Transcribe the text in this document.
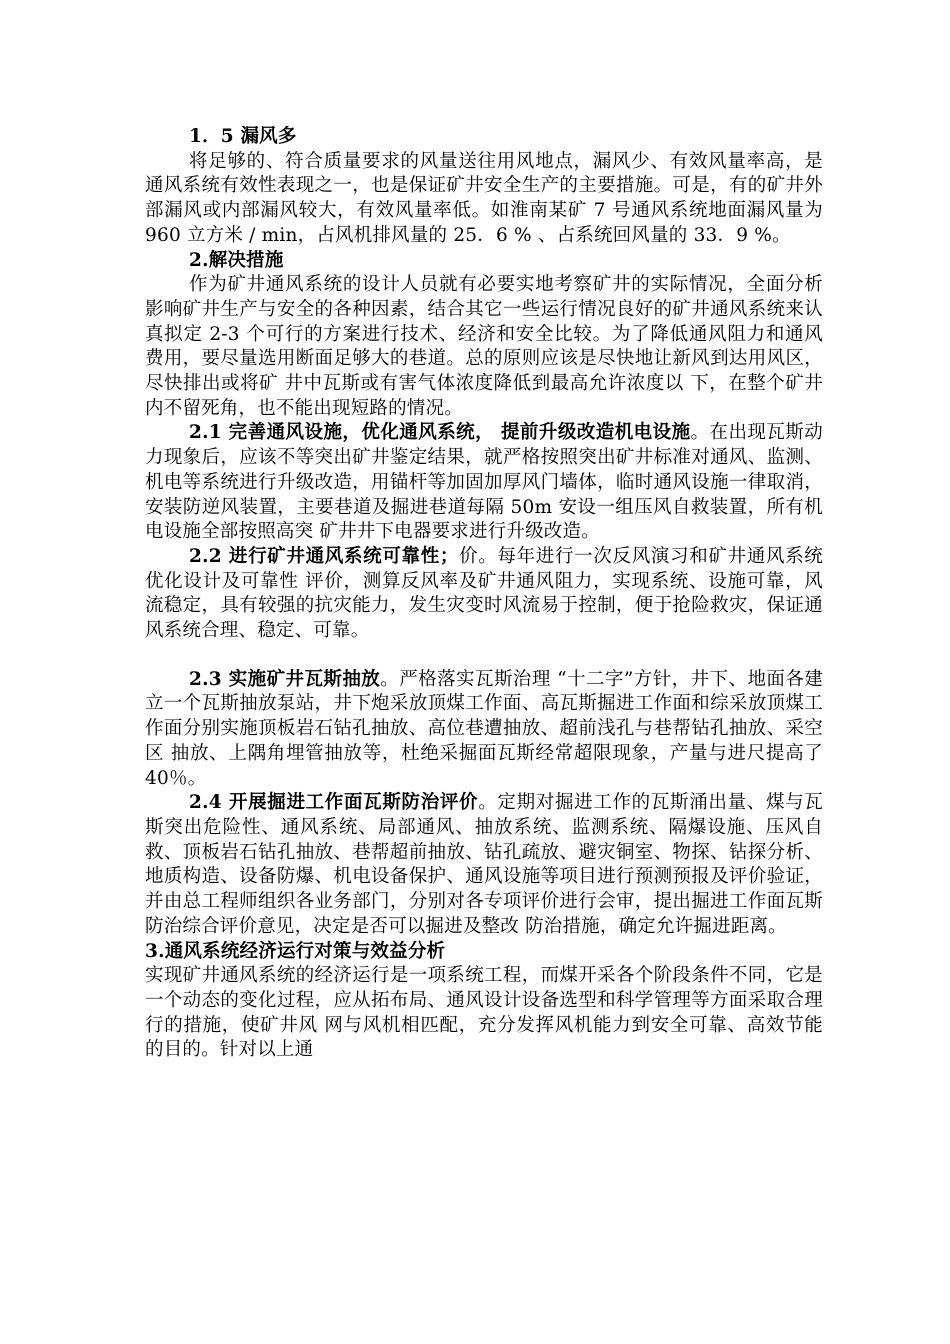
1．5 漏风多

将足够的、符合质量要求的风量送往用风地点，漏风少、有效风量率高，是通风系统有效性表现之一，也是保证矿井安全生产的主要措施。可是，有的矿井外部漏风或内部漏风较大，有效风量率低。如淮南某矿 7 号通风系统地面漏风量为 960 立方米 / min，占风机排风量的 25．6 % 、占系统回风量的 33．9 %。

2.解决措施

作为矿井通风系统的设计人员就有必要实地考察矿井的实际情况，全面分析影响矿井生产与安全的各种因素，结合其它一些运行情况良好的矿井通风系统来认真拟定 2-3 个可行的方案进行技术、经济和安全比较。为了降低通风阻力和通风费用，要尽量选用断面足够大的巷道。总的原则应该是尽快地让新风到达用风区，尽快排出或将矿 井中瓦斯或有害气体浓度降低到最高允许浓度以 下，在整个矿井内不留死角，也不能出现短路的情况。

2.1 完善通风设施，优化通风系统， 提前升级改造机电设施。在出现瓦斯动力现象后，应该不等突出矿井鉴定结果，就严格按照突出矿井标准对通风、监测、机电等系统进行升级改造，用锚杆等加固加厚风门墙体，临时通风设施一律取消，安装防逆风装置，主要巷道及掘进巷道每隔 50m 安设一组压风自救装置，所有机电设施全部按照高突 矿井井下电器要求进行升级改造。

2.2 进行矿井通风系统可靠性；价。每年进行一次反风演习和矿井通风系统优化设计及可靠性 评价，测算反风率及矿井通风阻力，实现系统、设施可靠，风流稳定，具有较强的抗灾能力，发生灾变时风流易于控制，便于抢险救灾，保证通风系统合理、稳定、可靠。

2.3 实施矿井瓦斯抽放。严格落实瓦斯治理 “十二字”方针，井下、地面各建立一个瓦斯抽放泵站，井下炮采放顶煤工作面、高瓦斯掘进工作面和综采放顶煤工作面分别实施顶板岩石钻孔抽放、高位巷遭抽放、超前浅孔与巷帮钻孔抽放、采空区 抽放、上隅角埋管抽放等，杜绝采掘面瓦斯经常超限现象，产量与进尺提高了40％。

2.4 开展掘进工作面瓦斯防治评价。定期对掘进工作的瓦斯涌出量、煤与瓦斯突出危险性、通风系统、局部通风、抽放系统、监测系统、隔爆设施、压风自救、顶板岩石钻孔抽放、巷帮超前抽放、钻孔疏放、避灾铜室、物探、钻探分析、地质构造、设备防爆、机电设备保护、通风设施等项目进行预测预报及评价验证，并由总工程师组织各业务部门，分别对各专项评价进行会审，提出掘进工作面瓦斯防治综合评价意见，决定是否可以掘进及整改 防治措施，确定允许掘进距离。

3.通风系统经济运行对策与效益分析

实现矿井通风系统的经济运行是一项系统工程，而煤开采各个阶段条件不同，它是一个动态的变化过程，应从拓布局、通风设计设备选型和科学管理等方面采取合理行的措施，使矿井风 网与风机相匹配，充分发挥风机能力到安全可靠、高效节能的目的。针对以上通
